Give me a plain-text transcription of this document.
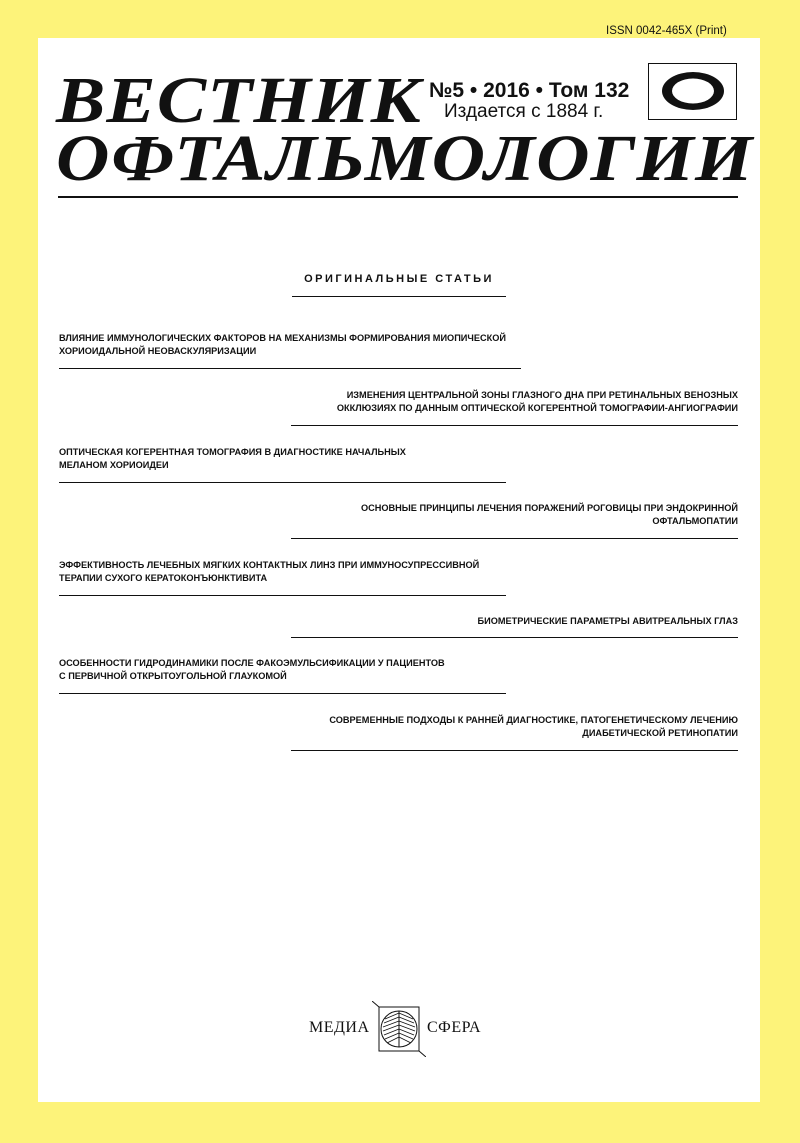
ISSN 0042-465X (Print)
ВЕСТНИК
ОФТАЛЬМОЛОГИИ
№5 • 2016 • Том 132
Издается с 1884 г.
ОРИГИНАЛЬНЫЕ СТАТЬИ
ВЛИЯНИЕ ИММУНОЛОГИЧЕСКИХ ФАКТОРОВ НА МЕХАНИЗМЫ ФОРМИРОВАНИЯ МИОПИЧЕСКОЙ
ХОРИОИДАЛЬНОЙ НЕОВАСКУЛЯРИЗАЦИИ
ИЗМЕНЕНИЯ ЦЕНТРАЛЬНОЙ ЗОНЫ ГЛАЗНОГО ДНА ПРИ РЕТИНАЛЬНЫХ ВЕНОЗНЫХ
ОККЛЮЗИЯХ ПО ДАННЫМ ОПТИЧЕСКОЙ КОГЕРЕНТНОЙ ТОМОГРАФИИ-АНГИОГРАФИИ
ОПТИЧЕСКАЯ КОГЕРЕНТНАЯ ТОМОГРАФИЯ В ДИАГНОСТИКЕ НАЧАЛЬНЫХ
МЕЛАНОМ ХОРИОИДЕИ
ОСНОВНЫЕ ПРИНЦИПЫ ЛЕЧЕНИЯ ПОРАЖЕНИЙ РОГОВИЦЫ ПРИ ЭНДОКРИННОЙ
ОФТАЛЬМОПАТИИ
ЭФФЕКТИВНОСТЬ ЛЕЧЕБНЫХ МЯГКИХ КОНТАКТНЫХ ЛИНЗ ПРИ ИММУНОСУПРЕССИВНОЙ
ТЕРАПИИ СУХОГО КЕРАТОКОНЪЮНКТИВИТА
БИОМЕТРИЧЕСКИЕ ПАРАМЕТРЫ АВИТРЕАЛЬНЫХ ГЛАЗ
ОСОБЕННОСТИ ГИДРОДИНАМИКИ ПОСЛЕ ФАКОЭМУЛЬСИФИКАЦИИ У ПАЦИЕНТОВ
С ПЕРВИЧНОЙ ОТКРЫТОУГОЛЬНОЙ ГЛАУКОМОЙ
СОВРЕМЕННЫЕ ПОДХОДЫ К РАННЕЙ ДИАГНОСТИКЕ, ПАТОГЕНЕТИЧЕСКОМУ ЛЕЧЕНИЮ
ДИАБЕТИЧЕСКОЙ РЕТИНОПАТИИ
МЕДИА	СФЕРА
